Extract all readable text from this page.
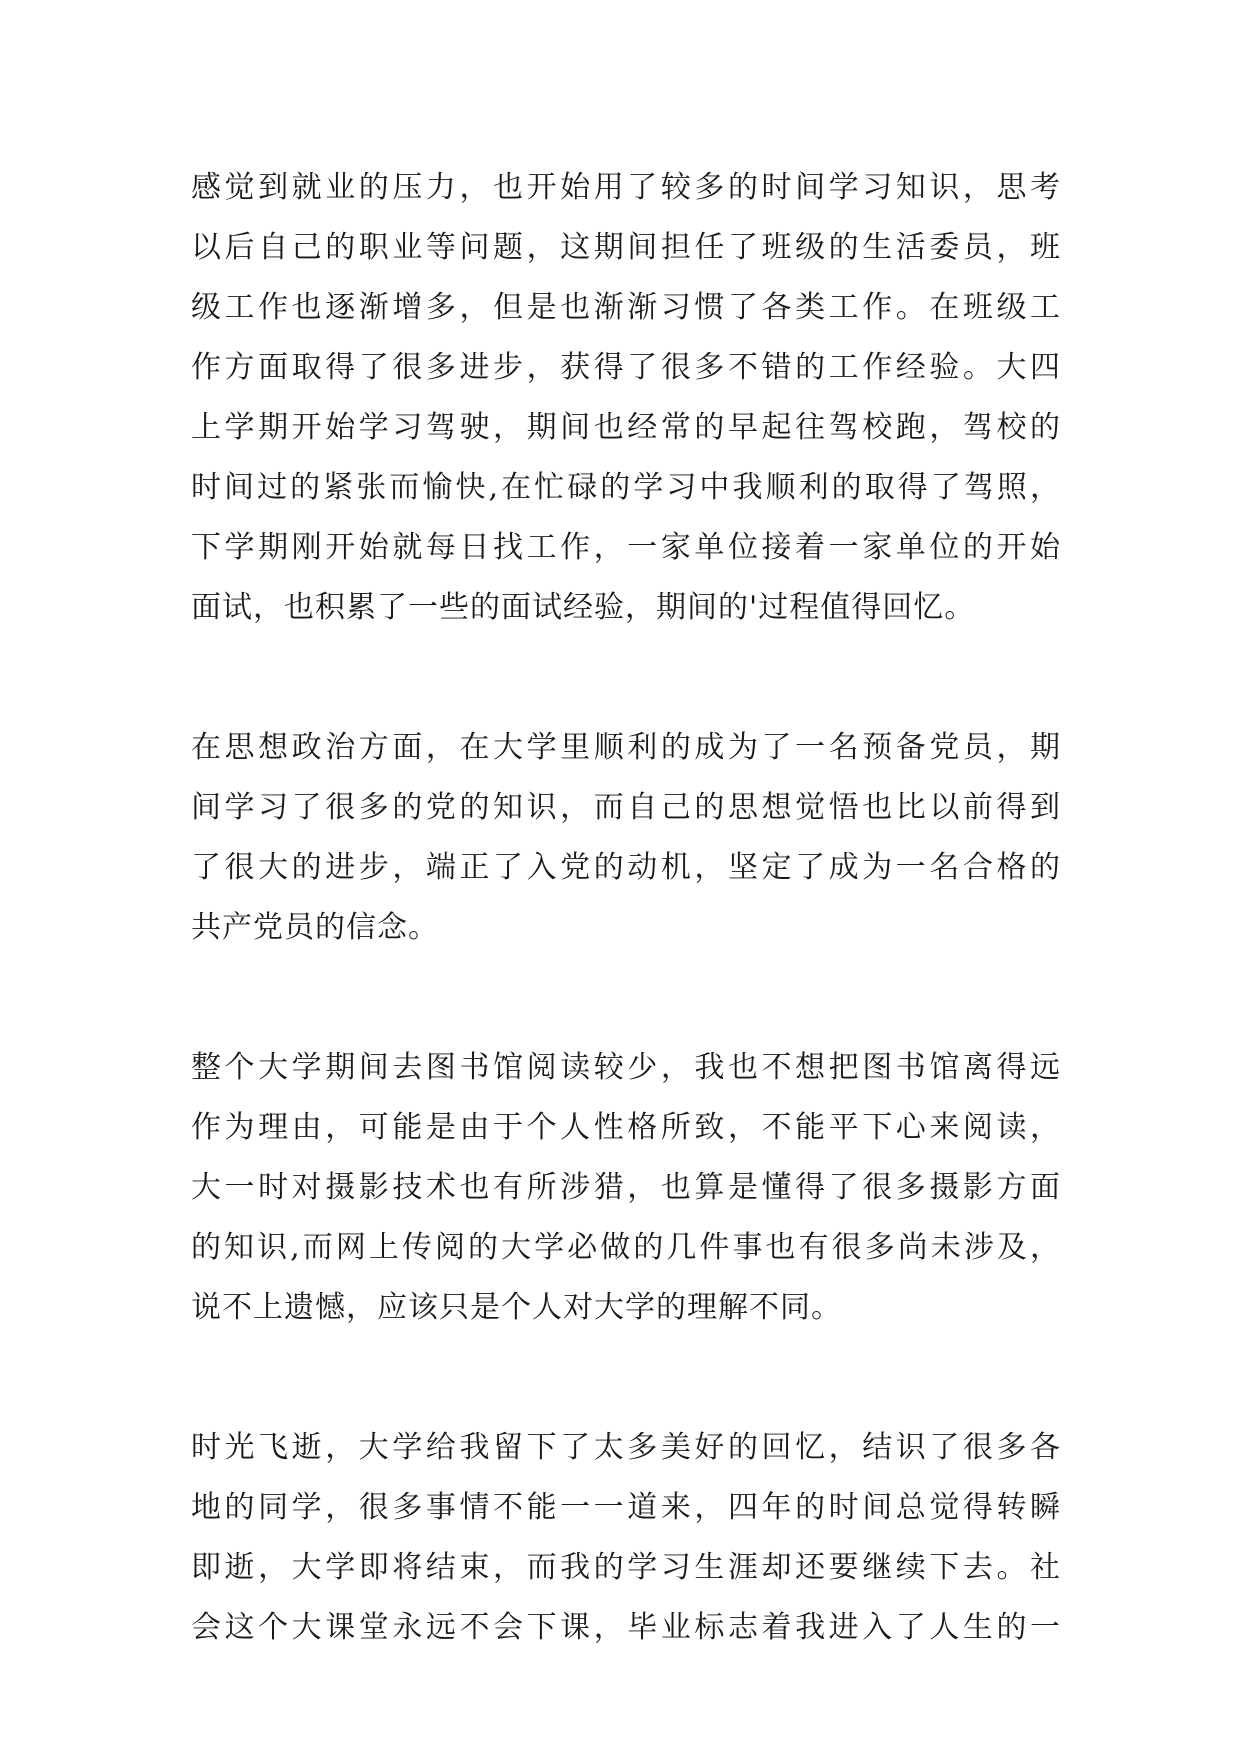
感觉到就业的压力，也开始用了较多的时间学习知识，思考
以后自己的职业等问题，这期间担任了班级的生活委员，班
级工作也逐渐增多，但是也渐渐习惯了各类工作。在班级工
作方面取得了很多进步，获得了很多不错的工作经验。大四
上学期开始学习驾驶，期间也经常的早起往驾校跑，驾校的
时间过的紧张而愉快,在忙碌的学习中我顺利的取得了驾照，
下学期刚开始就每日找工作，一家单位接着一家单位的开始
面试，也积累了一些的面试经验，期间的'过程值得回忆。
在思想政治方面，在大学里顺利的成为了一名预备党员，期
间学习了很多的党的知识，而自己的思想觉悟也比以前得到
了很大的进步，端正了入党的动机，坚定了成为一名合格的
共产党员的信念。
整个大学期间去图书馆阅读较少，我也不想把图书馆离得远
作为理由，可能是由于个人性格所致，不能平下心来阅读，
大一时对摄影技术也有所涉猎，也算是懂得了很多摄影方面
的知识,而网上传阅的大学必做的几件事也有很多尚未涉及，
说不上遗憾，应该只是个人对大学的理解不同。
时光飞逝，大学给我留下了太多美好的回忆，结识了很多各
地的同学，很多事情不能一一道来，四年的时间总觉得转瞬
即逝，大学即将结束，而我的学习生涯却还要继续下去。社
会这个大课堂永远不会下课，毕业标志着我进入了人生的一
